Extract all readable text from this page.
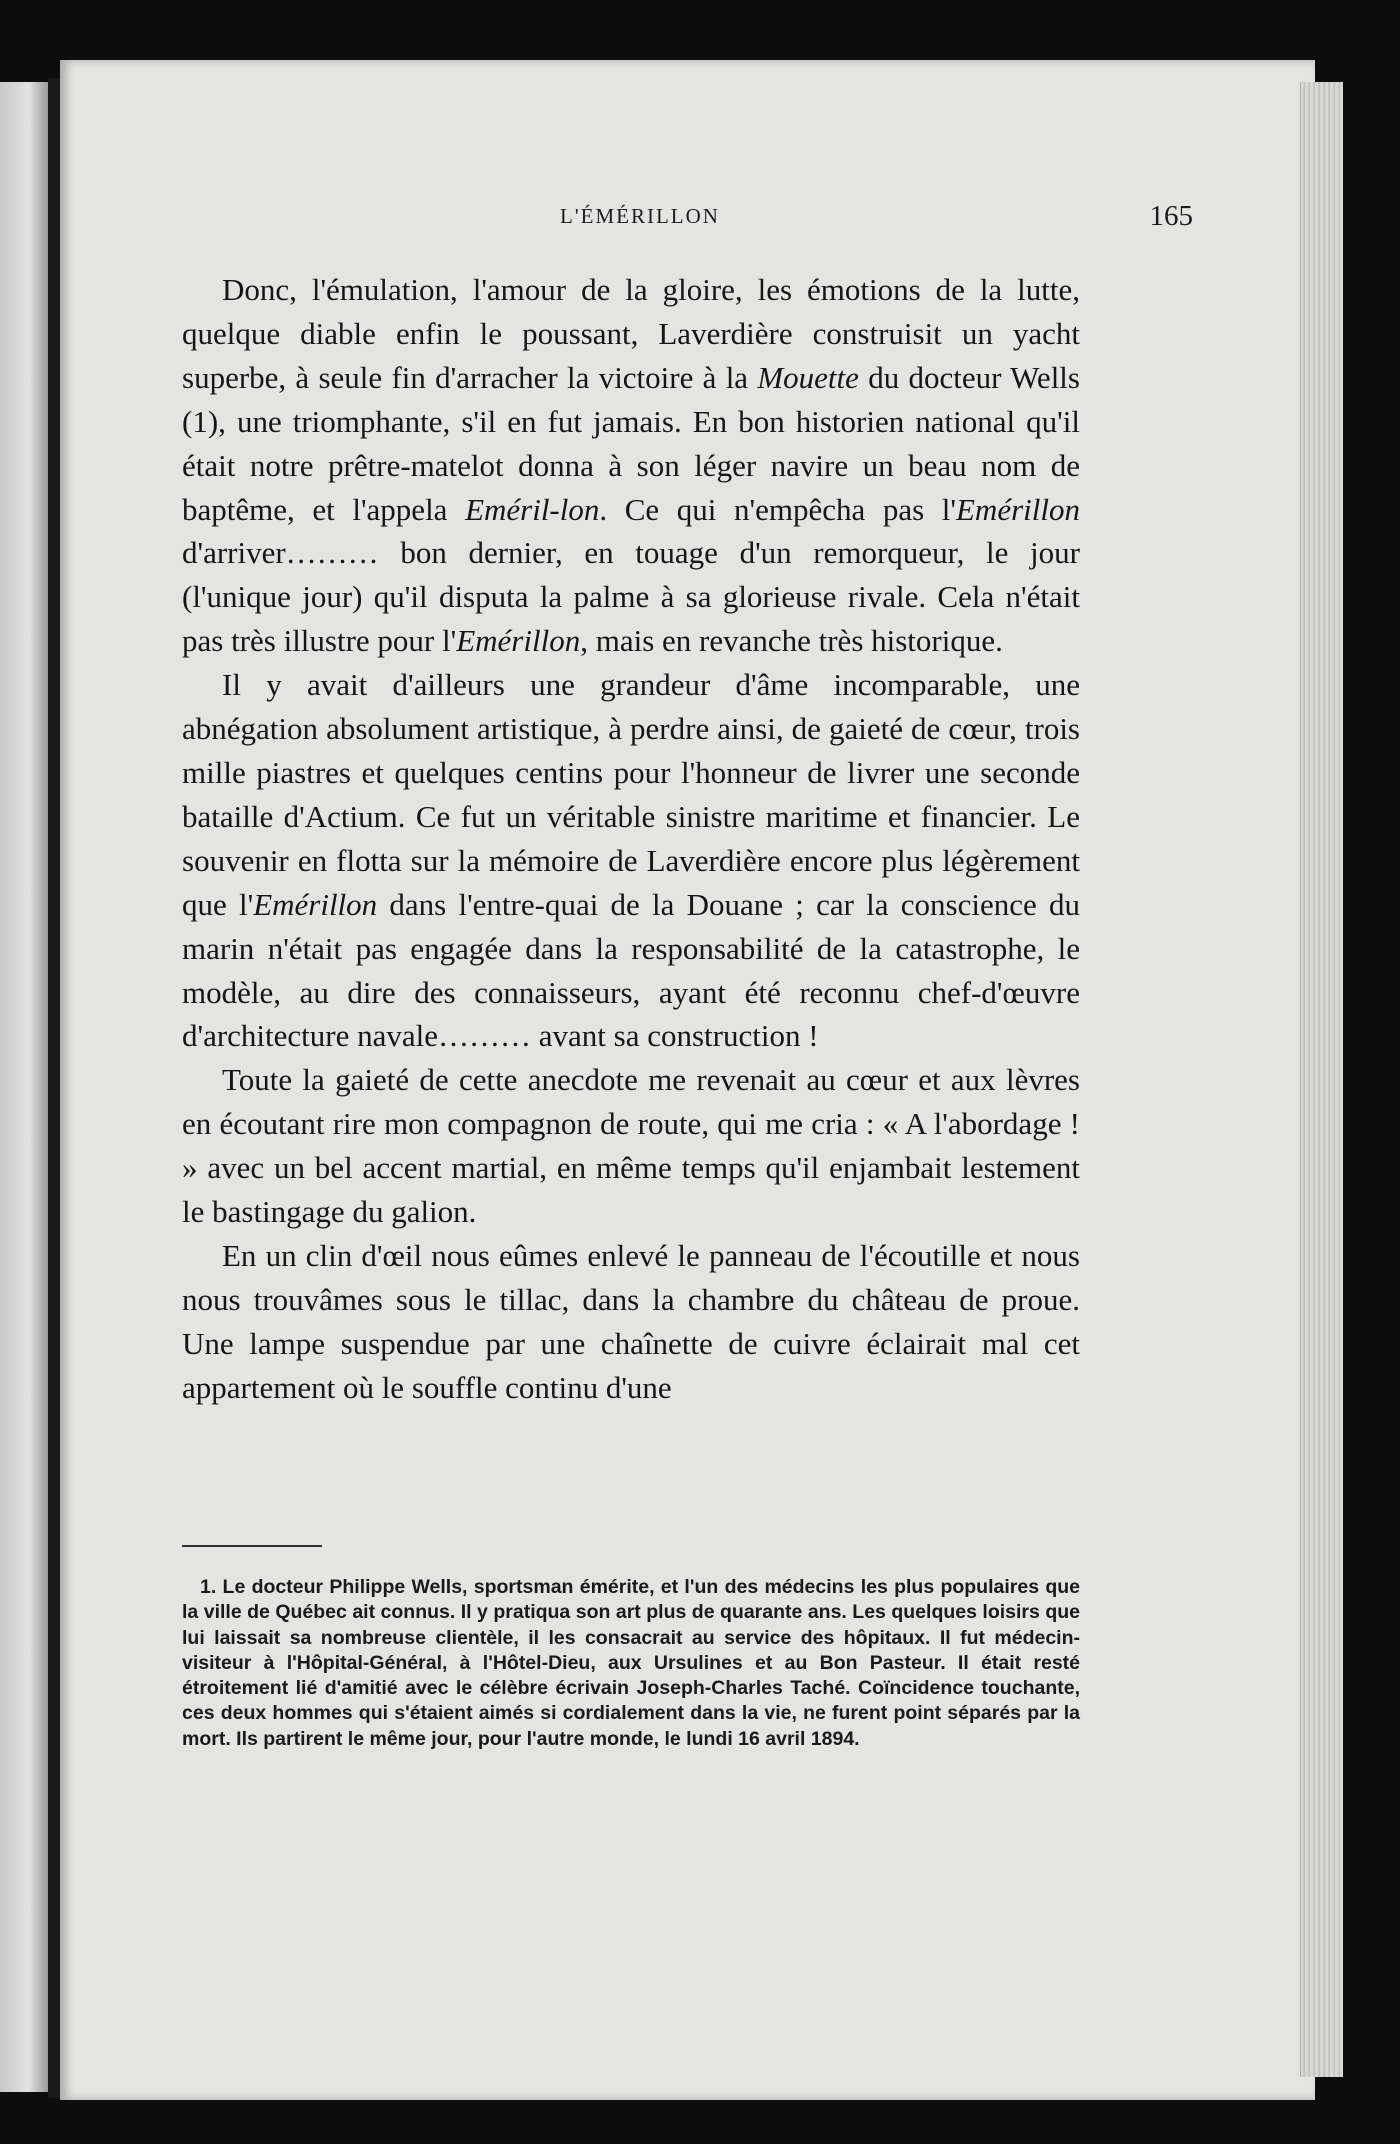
L'ÉMÉRILLON	165

Donc, l'émulation, l'amour de la gloire, les émotions de la lutte, quelque diable enfin le poussant, Laverdière construisit un yacht superbe, à seule fin d'arracher la victoire à la Mouette du docteur Wells (1), une triomphante, s'il en fut jamais. En bon historien national qu'il était notre prêtre-matelot donna à son léger navire un beau nom de baptême, et l'appela Eméril-lon. Ce qui n'empêcha pas l'Emérillon d'arriver……… bon dernier, en touage d'un remorqueur, le jour (l'unique jour) qu'il disputa la palme à sa glorieuse rivale. Cela n'était pas très illustre pour l'Emérillon, mais en revanche très historique.

Il y avait d'ailleurs une grandeur d'âme incomparable, une abnégation absolument artistique, à perdre ainsi, de gaieté de cœur, trois mille piastres et quelques centins pour l'honneur de livrer une seconde bataille d'Actium. Ce fut un véritable sinistre maritime et financier. Le souvenir en flotta sur la mémoire de Laverdière encore plus légèrement que l'Emérillon dans l'entre-quai de la Douane ; car la conscience du marin n'était pas engagée dans la responsabilité de la catastrophe, le modèle, au dire des connaisseurs, ayant été reconnu chef-d'œuvre d'architecture navale……… avant sa construction !

Toute la gaieté de cette anecdote me revenait au cœur et aux lèvres en écoutant rire mon compagnon de route, qui me cria : « A l'abordage ! » avec un bel accent martial, en même temps qu'il enjambait lestement le bastingage du galion.

En un clin d'œil nous eûmes enlevé le panneau de l'écoutille et nous nous trouvâmes sous le tillac, dans la chambre du château de proue. Une lampe suspendue par une chaînette de cuivre éclairait mal cet appartement où le souffle continu d'une

1. Le docteur Philippe Wells, sportsman émérite, et l'un des médecins les plus populaires que la ville de Québec ait connus. Il y pratiqua son art plus de quarante ans. Les quelques loisirs que lui laissait sa nombreuse clientèle, il les consacrait au service des hôpitaux. Il fut médecin-visiteur à l'Hôpital-Général, à l'Hôtel-Dieu, aux Ursulines et au Bon Pasteur. Il était resté étroitement lié d'amitié avec le célèbre écrivain Joseph-Charles Taché. Coïncidence touchante, ces deux hommes qui s'étaient aimés si cordialement dans la vie, ne furent point séparés par la mort. Ils partirent le même jour, pour l'autre monde, le lundi 16 avril 1894.
